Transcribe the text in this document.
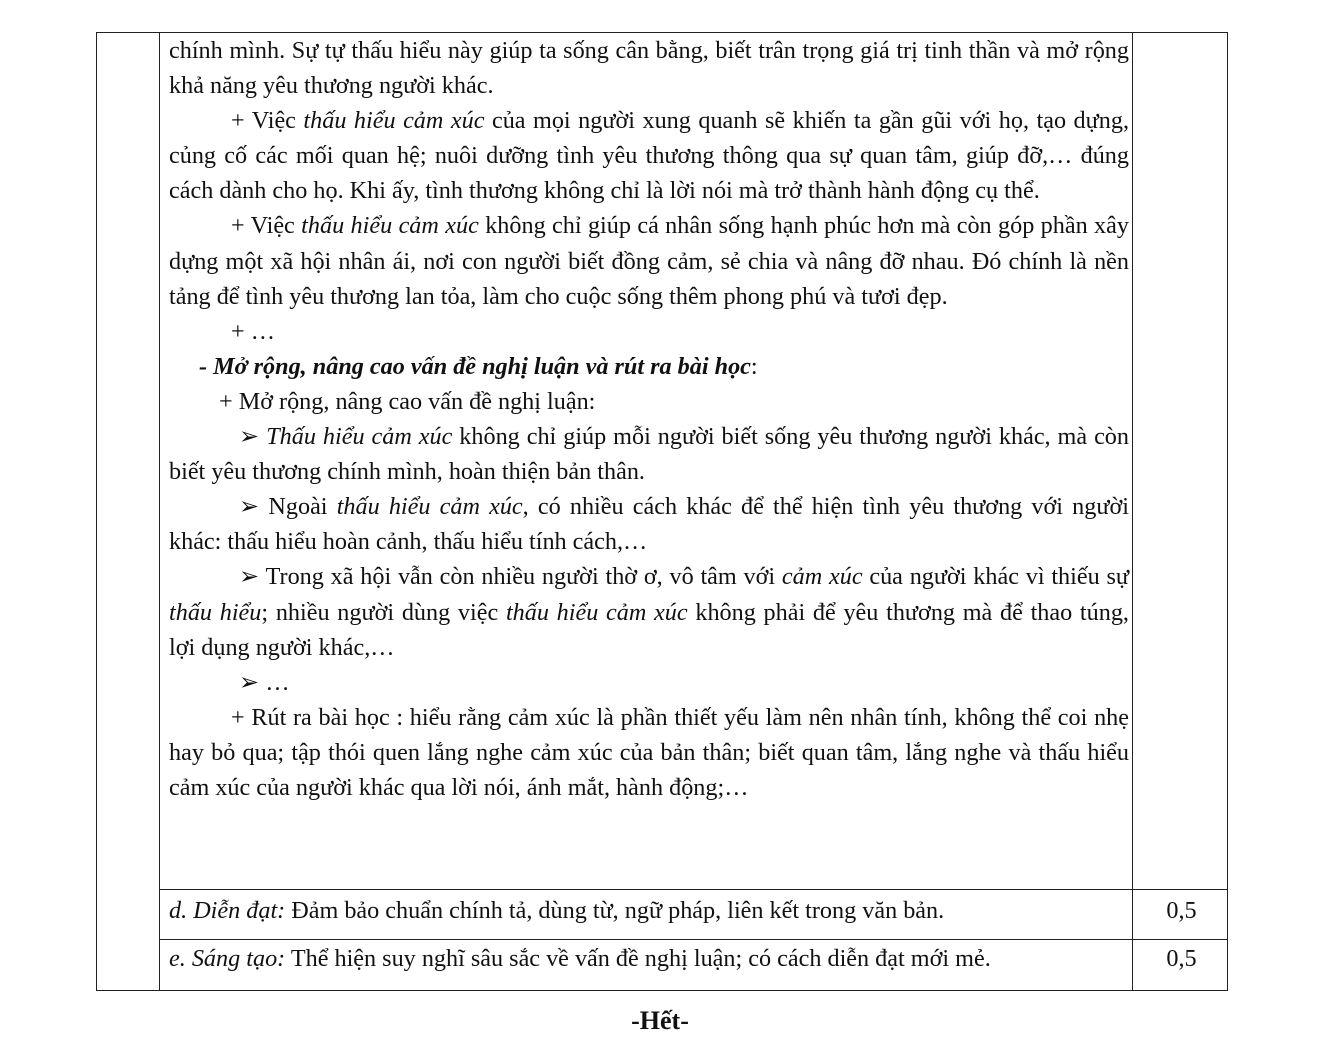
chính mình. Sự tự thấu hiểu này giúp ta sống cân bằng, biết trân trọng giá trị tinh thần và mở rộng khả năng yêu thương người khác.

+ Việc thấu hiểu cảm xúc của mọi người xung quanh sẽ khiến ta gần gũi với họ, tạo dựng, củng cố các mối quan hệ; nuôi dưỡng tình yêu thương thông qua sự quan tâm, giúp đỡ,… đúng cách dành cho họ. Khi ấy, tình thương không chỉ là lời nói mà trở thành hành động cụ thể.

+ Việc thấu hiểu cảm xúc không chỉ giúp cá nhân sống hạnh phúc hơn mà còn góp phần xây dựng một xã hội nhân ái, nơi con người biết đồng cảm, sẻ chia và nâng đỡ nhau. Đó chính là nền tảng để tình yêu thương lan tỏa, làm cho cuộc sống thêm phong phú và tươi đẹp.

+ …

- Mở rộng, nâng cao vấn đề nghị luận và rút ra bài học:

+ Mở rộng, nâng cao vấn đề nghị luận:

➢ Thấu hiểu cảm xúc không chỉ giúp mỗi người biết sống yêu thương người khác, mà còn biết yêu thương chính mình, hoàn thiện bản thân.

➢ Ngoài thấu hiểu cảm xúc, có nhiều cách khác để thể hiện tình yêu thương với người khác: thấu hiểu hoàn cảnh, thấu hiểu tính cách,…

➢ Trong xã hội vẫn còn nhiều người thờ ơ, vô tâm với cảm xúc của người khác vì thiếu sự thấu hiểu; nhiều người dùng việc thấu hiểu cảm xúc không phải để yêu thương mà để thao túng, lợi dụng người khác,…

➢ …

+ Rút ra bài học : hiểu rằng cảm xúc là phần thiết yếu làm nên nhân tính, không thể coi nhẹ hay bỏ qua; tập thói quen lắng nghe cảm xúc của bản thân; biết quan tâm, lắng nghe và thấu hiểu cảm xúc của người khác qua lời nói, ánh mắt, hành động;…

d. Diễn đạt: Đảm bảo chuẩn chính tả, dùng từ, ngữ pháp, liên kết trong văn bản.	0,5
e. Sáng tạo: Thể hiện suy nghĩ sâu sắc về vấn đề nghị luận; có cách diễn đạt mới mẻ.	0,5
-Hết-
